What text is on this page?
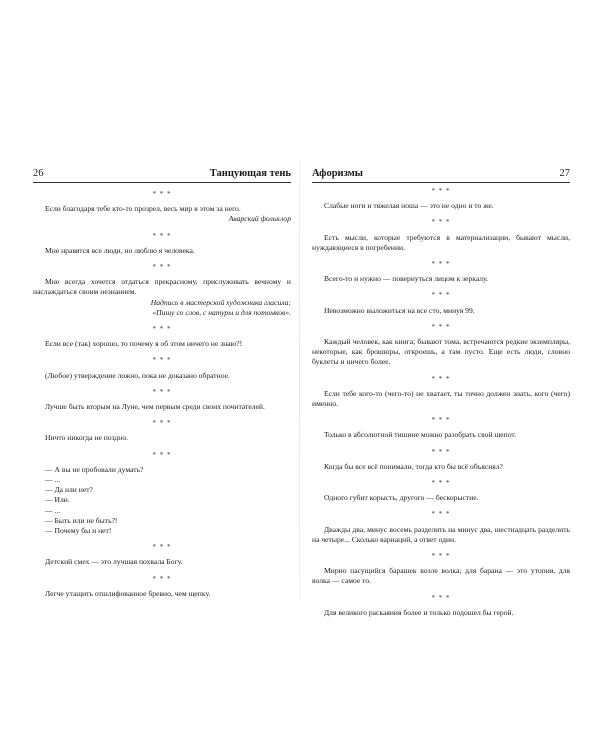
26	Танцующая тень
* * *

Если благодаря тебе кто-то прозрел, весь мир в этом за него.

Аварский фольклор

* * *

Мне нравятся все люди, но люблю я человека.

* * *

Мне всегда хочется отдаться прекрасному, прислуживать вечному и наслаждаться своим незнанием.

Надпись в мастерской художника гласила:

«Пишу со слов, с натуры и для потомков».

* * *

Если все (так) хорошо, то почему я об этом ничего не знаю?!

* * *

(Любое) утверждение ложно, пока не доказано обратное.

* * *

Лучше быть вторым на Луне, чем первым среди своих почитателей.

* * *

Ничто никогда не поздно.

* * *

— А вы не пробовали думать?

— ...

— Да или нет?

— Или.

— ...

— Быть или не быть?!

— Почему бы и нет!

* * *

Детский смех — это лучшая похвала Богу.

* * *

Легче утащить отшлифованное бревно, чем щепку.

Афоризмы	27
* * *

Слабые ноги и тяжелая ноша — это не одно и то же.

* * *

Есть мысли, которые требуются в материализации, бывают мысли, нуждающиеся в погребении.

* * *

Всего-то и нужно — повернуться лицом к зеркалу.

* * *

Невозможно выложиться на все сто, минуя 99.

* * *

Каждый человек, как книга; бывают тома, встречаются редкие экземпляры, некоторые, как брошюры, откроешь, а там пусто. Еще есть люди, словно буклеты и ничего более.

* * *

Если тебе кого-то (чего-то) не хватает, ты точно должен знать, кого (чего) именно.

* * *

Только в абсолютной тишине можно разобрать свой шепот.

* * *

Когда бы все всё понимали, тогда кто бы всё объяснял?

* * *

Одного губит корысть, другого — бескорыстие.

* * *

Дважды два, минус восемь разделить на минус два, шестнадцать разделить на четыре... Сколько вариаций, а ответ один.

* * *

Мирно пасущийся барашек возле волка; для барана — это утопия, для волка — самое то.

* * *

Для великого раскаяния более и только подошел бы герой.
